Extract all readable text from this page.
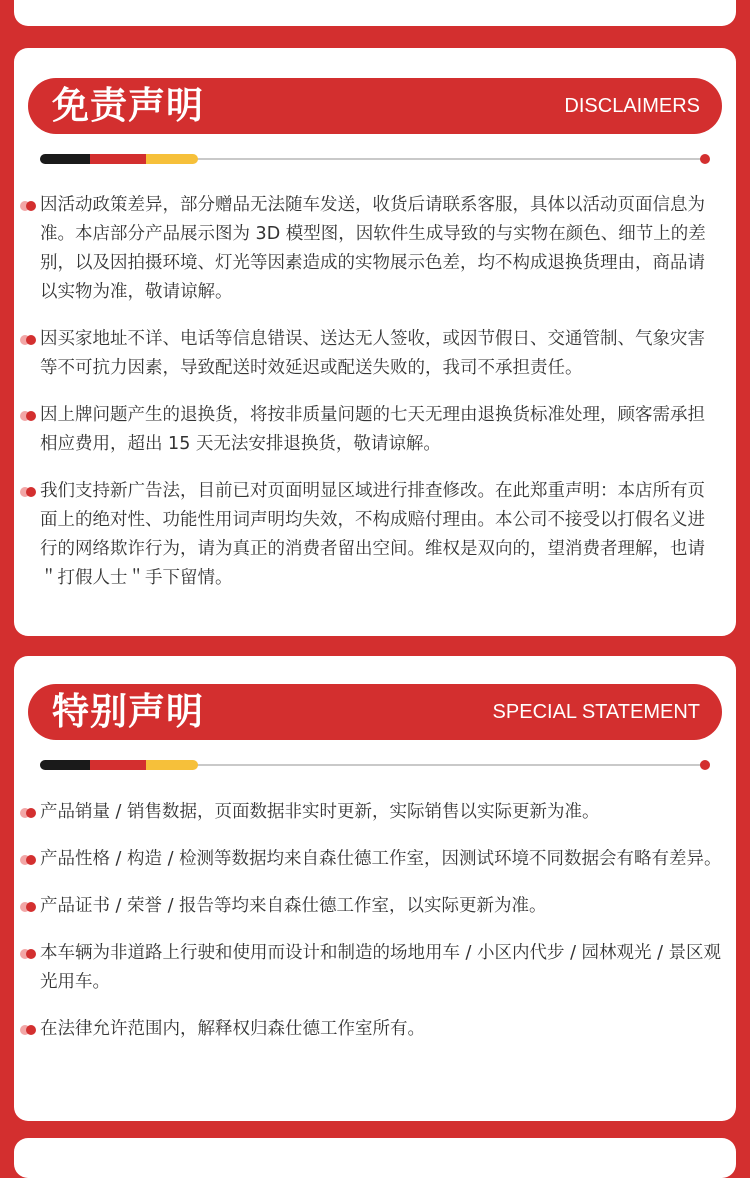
免责声明	DISCLAIMERS
因活动政策差异，部分赠品无法随车发送，收货后请联系客服，具体以活动页面信息为准。本店部分产品展示图为 3D 模型图，因软件生成导致的与实物在颜色、细节上的差别，以及因拍摄环境、灯光等因素造成的实物展示色差，均不构成退换货理由，商品请以实物为准，敬请谅解。
因买家地址不详、电话等信息错误、送达无人签收，或因节假日、交通管制、气象灾害等不可抗力因素，导致配送时效延迟或配送失败的，我司不承担责任。
因上牌问题产生的退换货，将按非质量问题的七天无理由退换货标准处理，顾客需承担相应费用，超出 15 天无法安排退换货，敬请谅解。
我们支持新广告法，目前已对页面明显区域进行排查修改。在此郑重声明：本店所有页面上的绝对性、功能性用词声明均失效，不构成赔付理由。本公司不接受以打假名义进行的网络欺诈行为，请为真正的消费者留出空间。维权是双向的，望消费者理解，也请＂打假人士＂手下留情。
特别声明	SPECIAL STATEMENT
产品销量 / 销售数据，页面数据非实时更新，实际销售以实际更新为准。
产品性格 / 构造 / 检测等数据均来自森仕德工作室，因测试环境不同数据会有略有差异。
产品证书 / 荣誉 / 报告等均来自森仕德工作室，以实际更新为准。
本车辆为非道路上行驶和使用而设计和制造的场地用车 / 小区内代步 / 园林观光 / 景区观光用车。
在法律允许范围内，解释权归森仕德工作室所有。
